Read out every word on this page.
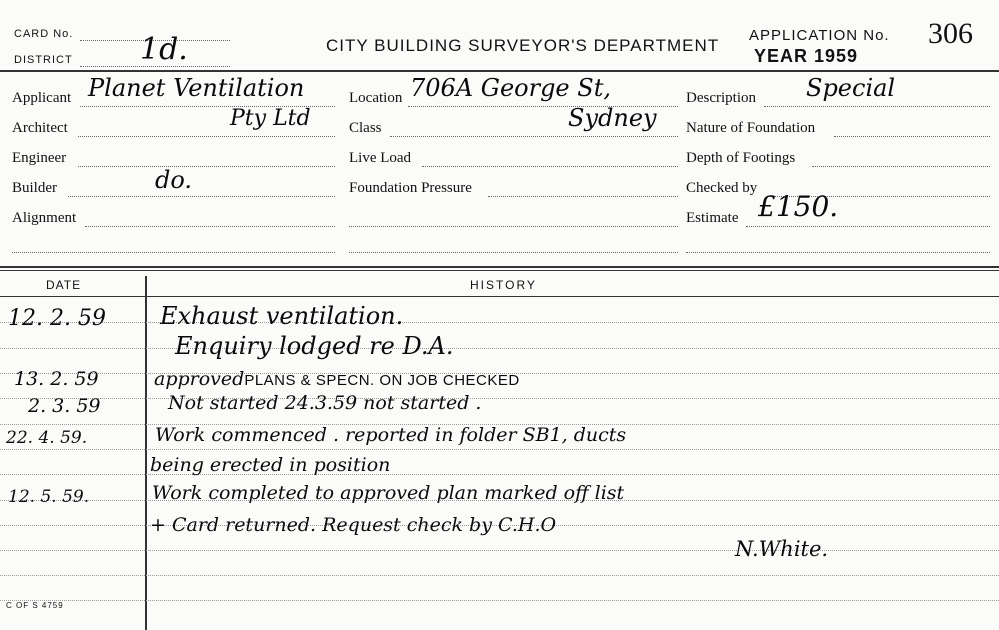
CARD No.
DISTRICT 1d.	CITY BUILDING SURVEYOR'S DEPARTMENT
APPLICATION No. 306
YEAR 1959
Applicant Planet Ventilation
Architect	Pty Ltd
Engineer
Builder	do.
Alignment
Location 706A George St,
Class	Sydney
Live Load
Foundation Pressure
Description Special
Nature of Foundation
Depth of Footings
Checked by
Estimate £150.
DATE	HISTORY
12. 2. 59 Exhaust ventilation.
Enquiry lodged re D.A.
13. 2. 59	approvedPLANS & SPECN. ON JOB CHECKED
2. 3. 59	Not started 24.3.59 not started .
22. 4. 59.	Work commenced . reported in folder SB1, ducts
being erected in position
12. 5. 59.	Work completed to approved plan marked off list
+ Card returned. Request check by C.H.O
N.White.
C OF S 4759
